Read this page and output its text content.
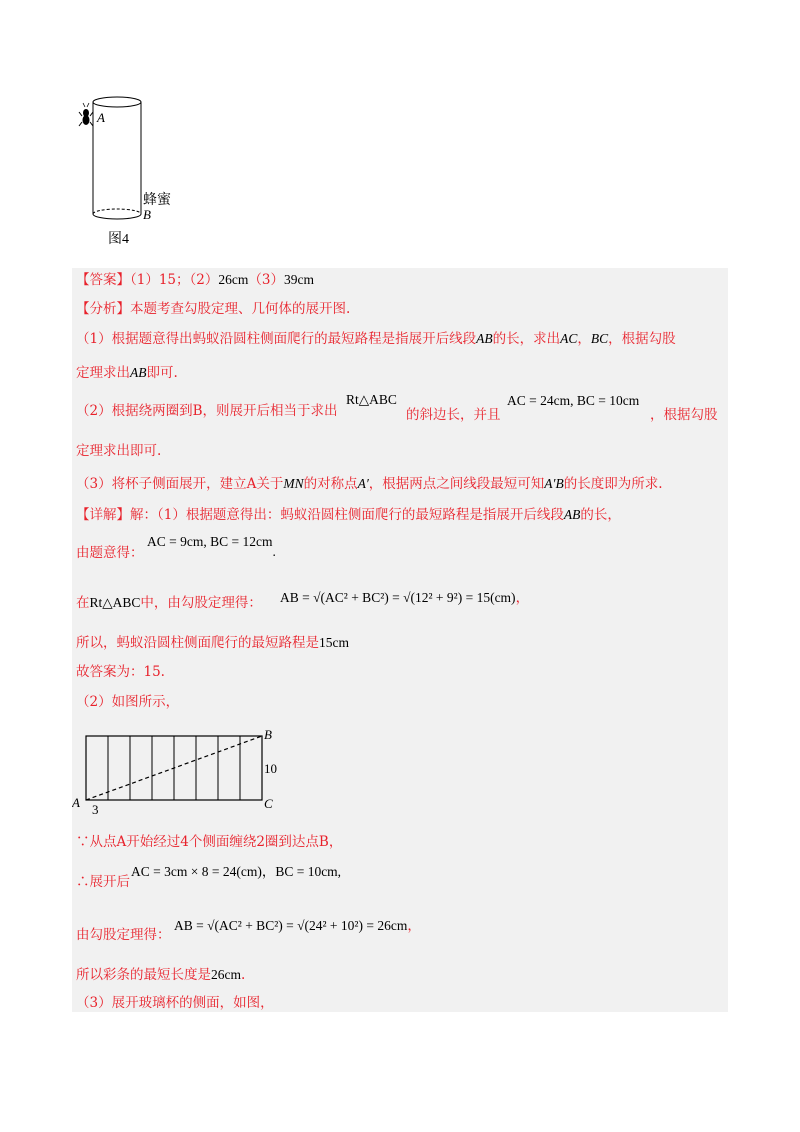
A
蜂蜜
B
图4
【答案】（1）15；（2）26cm（3）39cm
【分析】本题考查勾股定理、几何体的展开图.
（1）根据题意得出蚂蚁沿圆柱侧面爬行的最短路程是指展开后线段AB的长，求出AC，BC，根据勾股
定理求出AB即可.
（2）根据绕两圈到B，则展开后相当于求出
Rt△ABC
的斜边长，并且
AC = 24cm, BC = 10cm
，根据勾股
定理求出即可.
（3）将杯子侧面展开，建立A关于MN的对称点A′，根据两点之间线段最短可知A′B的长度即为所求.
【详解】解：（1）根据题意得出：蚂蚁沿圆柱侧面爬行的最短路程是指展开后线段AB的长，
由题意得：
AC = 9cm, BC = 12cm.
在Rt△ABC中，由勾股定理得： AB = √(AC² + BC²) = √(12² + 9²) = 15(cm)，
所以，蚂蚁沿圆柱侧面爬行的最短路程是15cm
故答案为：15.
（2）如图所示，
A
B
C
10
3
∵从点A开始经过4个侧面缠绕2圈到达点B，
∴展开后
AC = 3cm × 8 = 24(cm)，BC = 10cm,
由勾股定理得：
AB = √(AC² + BC²) = √(24² + 10²) = 26cm，
所以彩条的最短长度是26cm.
（3）展开玻璃杯的侧面，如图，
